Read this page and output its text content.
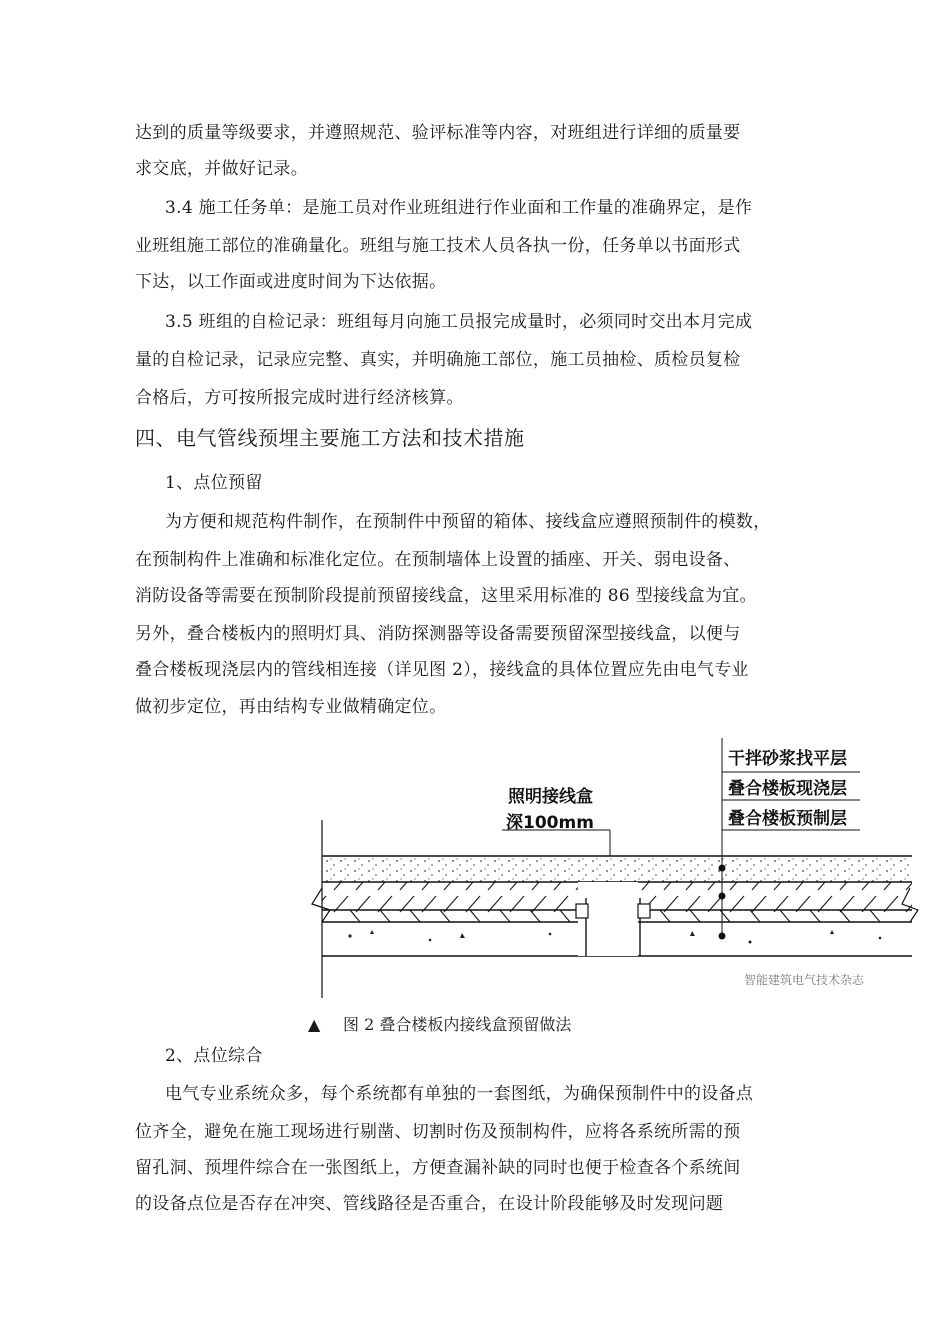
达到的质量等级要求，并遵照规范、验评标准等内容，对班组进行详细的质量要
求交底，并做好记录。
3.4 施工任务单：是施工员对作业班组进行作业面和工作量的准确界定，是作
业班组施工部位的准确量化。班组与施工技术人员各执一份，任务单以书面形式
下达，以工作面或进度时间为下达依据。
3.5 班组的自检记录：班组每月向施工员报完成量时，必须同时交出本月完成
量的自检记录，记录应完整、真实，并明确施工部位，施工员抽检、质检员复检
合格后，方可按所报完成时进行经济核算。
四、电气管线预埋主要施工方法和技术措施
1、点位预留
为方便和规范构件制作，在预制件中预留的箱体、接线盒应遵照预制件的模数，
在预制构件上准确和标准化定位。在预制墙体上设置的插座、开关、弱电设备、
消防设备等需要在预制阶段提前预留接线盒，这里采用标准的 86 型接线盒为宜。
另外，叠合楼板内的照明灯具、消防探测器等设备需要预留深型接线盒，以便与
叠合楼板现浇层内的管线相连接（详见图 2），接线盒的具体位置应先由电气专业
做初步定位，再由结构专业做精确定位。
照明接线盒
深100mm
干拌砂浆找平层
叠合楼板现浇层
叠合楼板预制层
智能建筑电气技术杂志
▲ 图 2 叠合楼板内接线盒预留做法
2、点位综合
电气专业系统众多，每个系统都有单独的一套图纸，为确保预制件中的设备点
位齐全，避免在施工现场进行剔凿、切割时伤及预制构件，应将各系统所需的预
留孔洞、预埋件综合在一张图纸上，方便查漏补缺的同时也便于检查各个系统间
的设备点位是否存在冲突、管线路径是否重合，在设计阶段能够及时发现问题
